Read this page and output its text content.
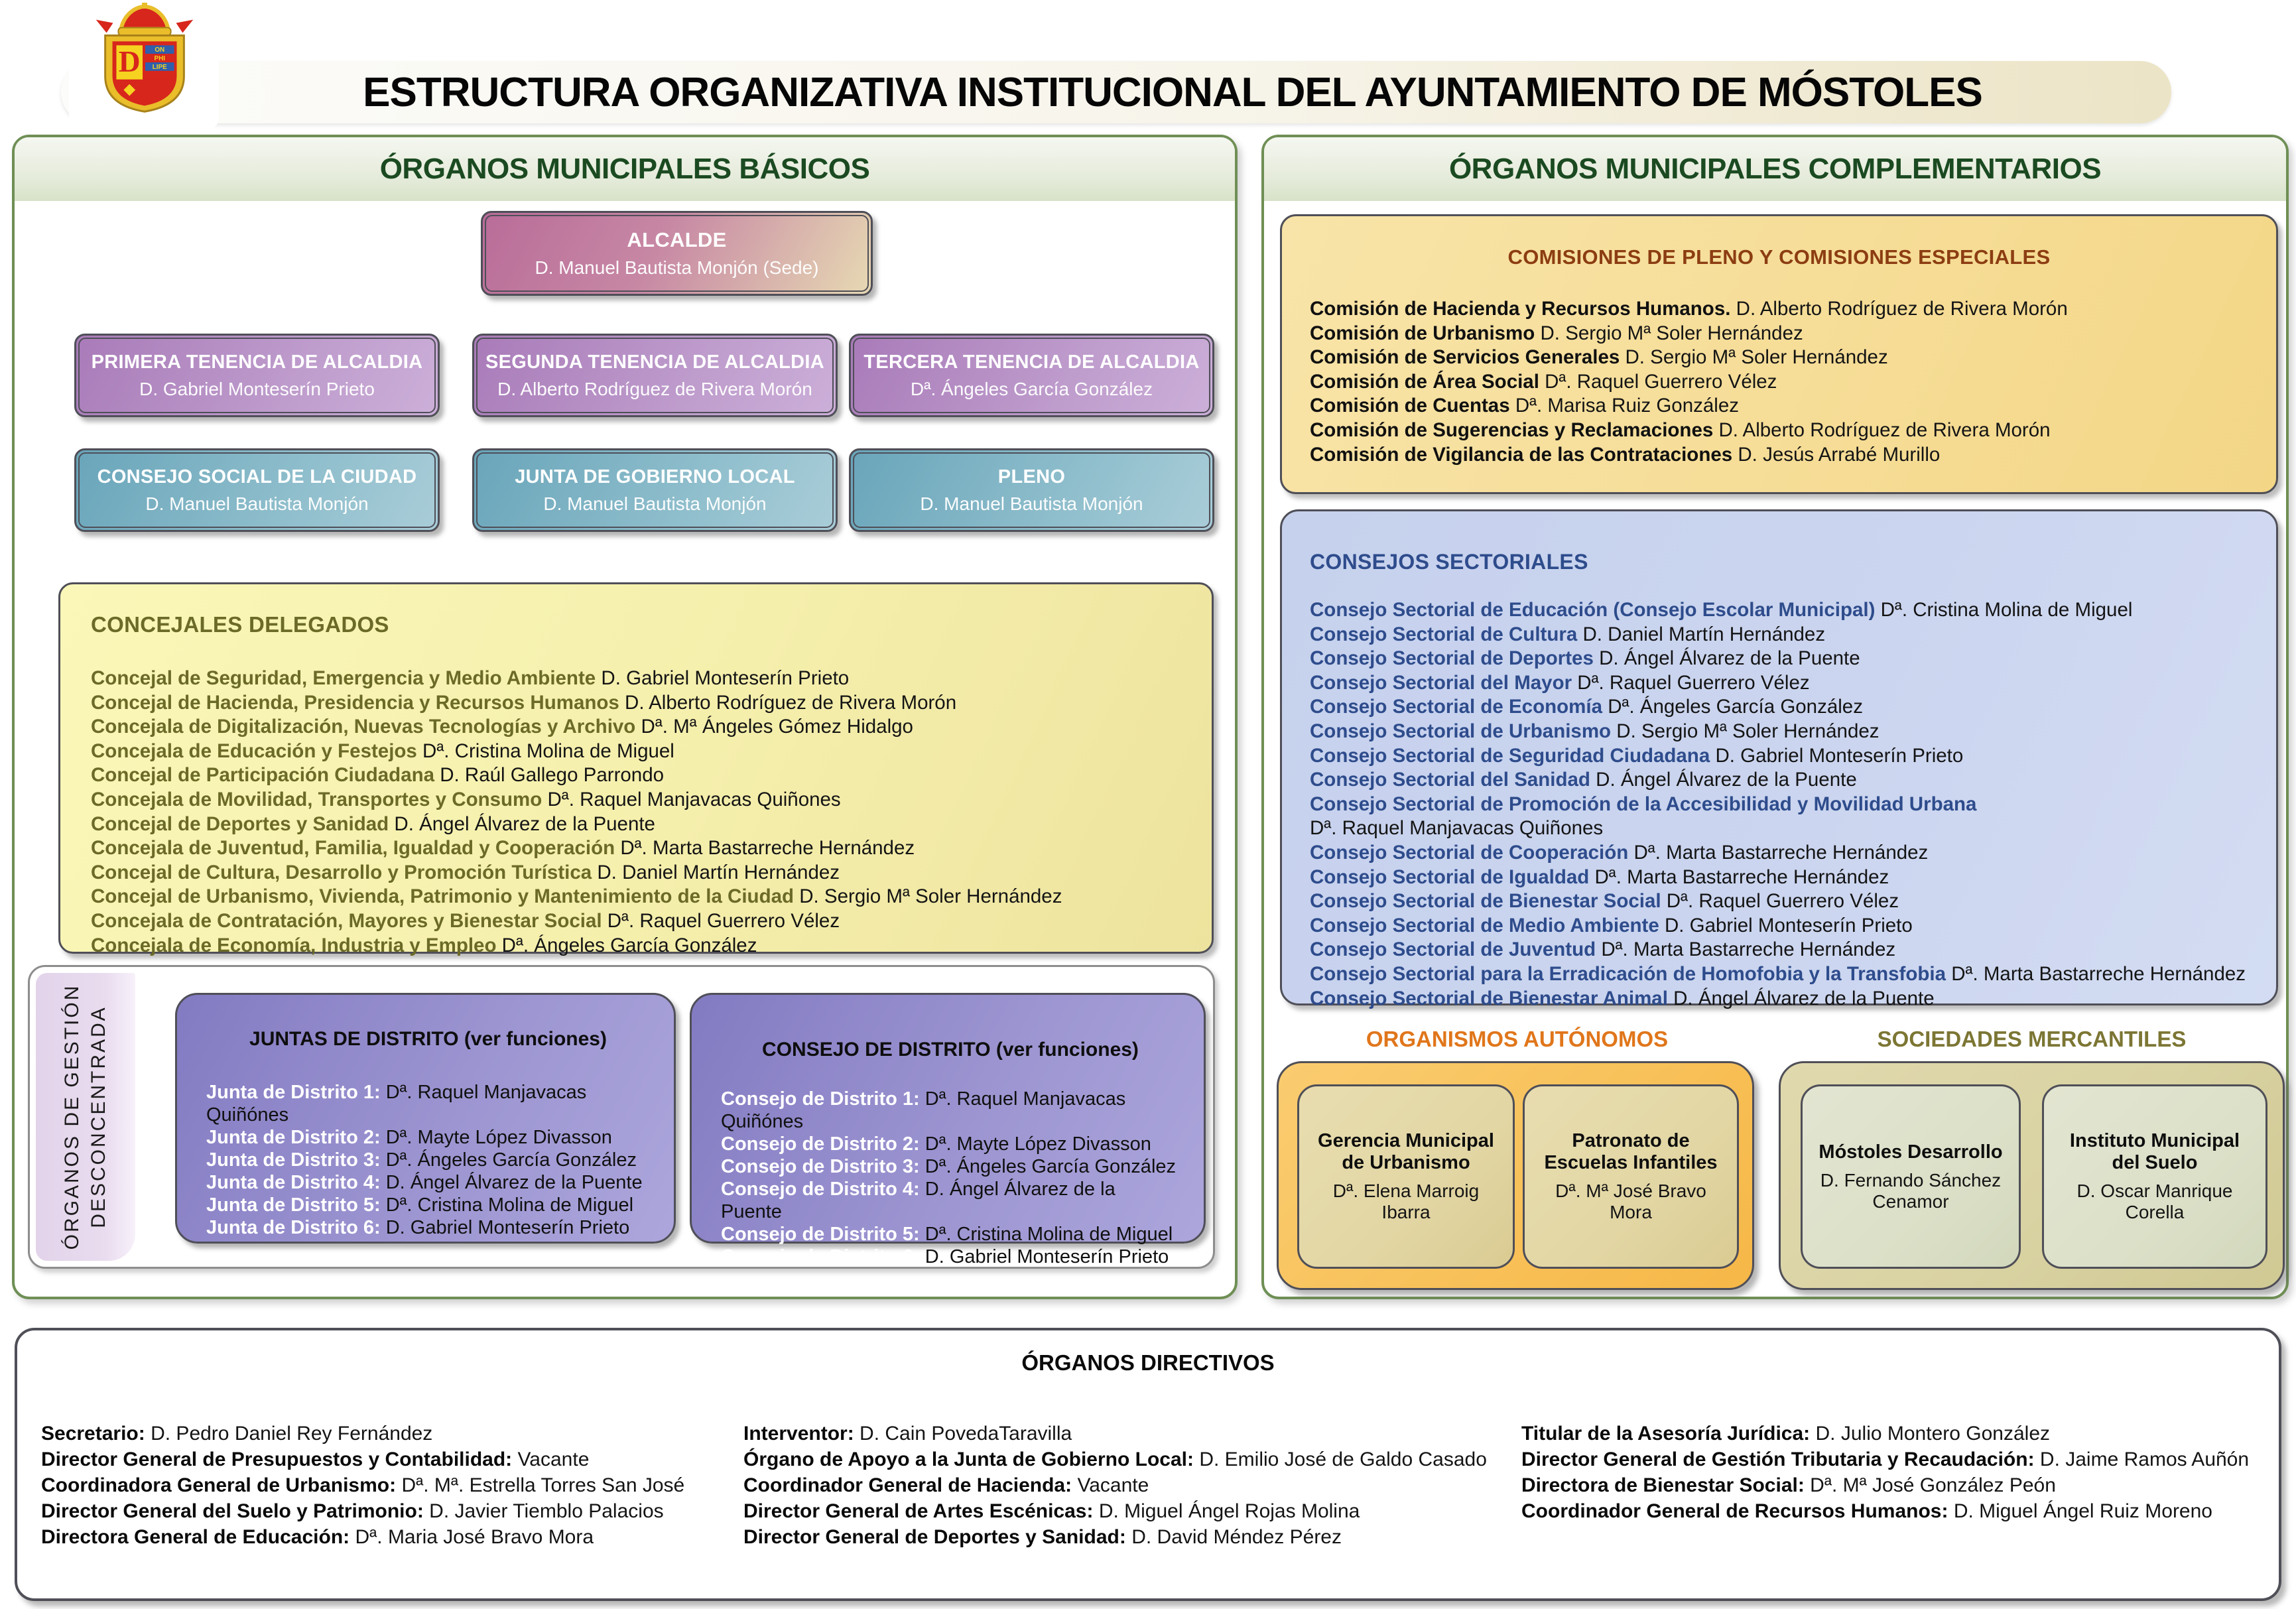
ESTRUCTURA ORGANIZATIVA INSTITUCIONAL DEL AYUNTAMIENTO DE MÓSTOLES
D ON
PHI
LIPE
ÓRGANOS MUNICIPALES BÁSICOS
ALCALDE
D. Manuel Bautista Monjón (Sede)
PRIMERA TENENCIA DE ALCALDIA
D. Gabriel Monteserín Prieto
SEGUNDA TENENCIA DE ALCALDIA
D. Alberto Rodríguez de Rivera Morón
TERCERA TENENCIA DE ALCALDIA
Dª. Ángeles García González
CONSEJO SOCIAL DE LA CIUDAD
D. Manuel Bautista Monjón
JUNTA DE GOBIERNO LOCAL
D. Manuel Bautista Monjón
PLENO
D. Manuel Bautista Monjón
CONCEJALES DELEGADOS
Concejal de Seguridad, Emergencia y Medio Ambiente D. Gabriel Monteserín Prieto
Concejal de Hacienda, Presidencia y Recursos Humanos D. Alberto Rodríguez de Rivera Morón
Concejala de Digitalización, Nuevas Tecnologías y Archivo Dª. Mª Ángeles Gómez Hidalgo
Concejala de Educación y Festejos Dª. Cristina Molina de Miguel
Concejal de Participación Ciudadana D. Raúl Gallego Parrondo
Concejala de Movilidad, Transportes y Consumo Dª. Raquel Manjavacas Quiñones
Concejal de Deportes y Sanidad D. Ángel Álvarez de la Puente
Concejala de Juventud, Familia, Igualdad y Cooperación Dª. Marta Bastarreche Hernández
Concejal de Cultura, Desarrollo y Promoción Turística D. Daniel Martín Hernández
Concejal de Urbanismo, Vivienda, Patrimonio y Mantenimiento de la Ciudad D. Sergio Mª Soler Hernández
Concejala de Contratación, Mayores y Bienestar Social Dª. Raquel Guerrero Vélez
Concejala de Economía, Industria y Empleo Dª. Ángeles García González
ÓRGANOS DE GESTIÓN DESCONCENTRADA	JUNTAS DE DISTRITO (ver funciones)
Junta de Distrito 1: Dª. Raquel Manjavacas Quiñónes
Junta de Distrito 2: Dª. Mayte López Divasson
Junta de Distrito 3: Dª. Ángeles García González
Junta de Distrito 4: D. Ángel Álvarez de la Puente
Junta de Distrito 5: Dª. Cristina Molina de Miguel
Junta de Distrito 6: D. Gabriel Monteserín Prieto
CONSEJO DE DISTRITO (ver funciones)
Consejo de Distrito 1: Dª. Raquel Manjavacas Quiñónes
Consejo de Distrito 2: Dª. Mayte López Divasson
Consejo de Distrito 3: Dª. Ángeles García González
Consejo de Distrito 4: D. Ángel Álvarez de la Puente
Consejo de Distrito 5: Dª. Cristina Molina de Miguel
Consejo de Distrito 6: D. Gabriel Monteserín Prieto
ÓRGANOS MUNICIPALES COMPLEMENTARIOS
COMISIONES DE PLENO Y COMISIONES ESPECIALES
Comisión de Hacienda y Recursos Humanos. D. Alberto Rodríguez de Rivera Morón
Comisión de Urbanismo D. Sergio Mª Soler Hernández
Comisión de Servicios Generales D. Sergio Mª Soler Hernández
Comisión de Área Social Dª. Raquel Guerrero Vélez
Comisión de Cuentas Dª. Marisa Ruiz González
Comisión de Sugerencias y Reclamaciones D. Alberto Rodríguez de Rivera Morón
Comisión de Vigilancia de las Contrataciones D. Jesús Arrabé Murillo
CONSEJOS SECTORIALES
Consejo Sectorial de Educación (Consejo Escolar Municipal) Dª. Cristina Molina de Miguel
Consejo Sectorial de Cultura D. Daniel Martín Hernández
Consejo Sectorial de Deportes D. Ángel Álvarez de la Puente
Consejo Sectorial del Mayor Dª. Raquel Guerrero Vélez
Consejo Sectorial de Economía Dª. Ángeles García González
Consejo Sectorial de Urbanismo D. Sergio Mª Soler Hernández
Consejo Sectorial de Seguridad Ciudadana D. Gabriel Monteserín Prieto
Consejo Sectorial del Sanidad D. Ángel Álvarez de la Puente
Consejo Sectorial de Promoción de la Accesibilidad y Movilidad Urbana
Dª. Raquel Manjavacas Quiñones
Consejo Sectorial de Cooperación Dª. Marta Bastarreche Hernández
Consejo Sectorial de Igualdad Dª. Marta Bastarreche Hernández
Consejo Sectorial de Bienestar Social Dª. Raquel Guerrero Vélez
Consejo Sectorial de Medio Ambiente D. Gabriel Monteserín Prieto
Consejo Sectorial de Juventud Dª. Marta Bastarreche Hernández
Consejo Sectorial para la Erradicación de Homofobia y la Transfobia Dª. Marta Bastarreche Hernández
Consejo Sectorial de Bienestar Animal D. Ángel Álvarez de la Puente
ORGANISMOS AUTÓNOMOS	SOCIEDADES MERCANTILES
Gerencia Municipal de Urbanismo
Dª. Elena Marroig Ibarra
Patronato de Escuelas Infantiles
Dª. Mª José Bravo Mora
Móstoles Desarrollo
D. Fernando Sánchez Cenamor
Instituto Municipal del Suelo
D. Oscar Manrique Corella
ÓRGANOS DIRECTIVOS
Secretario: D. Pedro Daniel Rey Fernández
Director General de Presupuestos y Contabilidad: Vacante
Coordinadora General de Urbanismo: Dª. Mª. Estrella Torres San José
Director General del Suelo y Patrimonio: D. Javier Tiemblo Palacios
Directora General de Educación: Dª. Maria José Bravo Mora
Interventor: D. Cain PovedaTaravilla
Órgano de Apoyo a la Junta de Gobierno Local: D. Emilio José de Galdo Casado
Coordinador General de Hacienda: Vacante
Director General de Artes Escénicas: D. Miguel Ángel Rojas Molina
Director General de Deportes y Sanidad: D. David Méndez Pérez
Titular de la Asesoría Jurídica: D. Julio Montero González
Director General de Gestión Tributaria y Recaudación: D. Jaime Ramos Auñón
Directora de Bienestar Social: Dª. Mª José González Peón
Coordinador General de Recursos Humanos: D. Miguel Ángel Ruiz Moreno
